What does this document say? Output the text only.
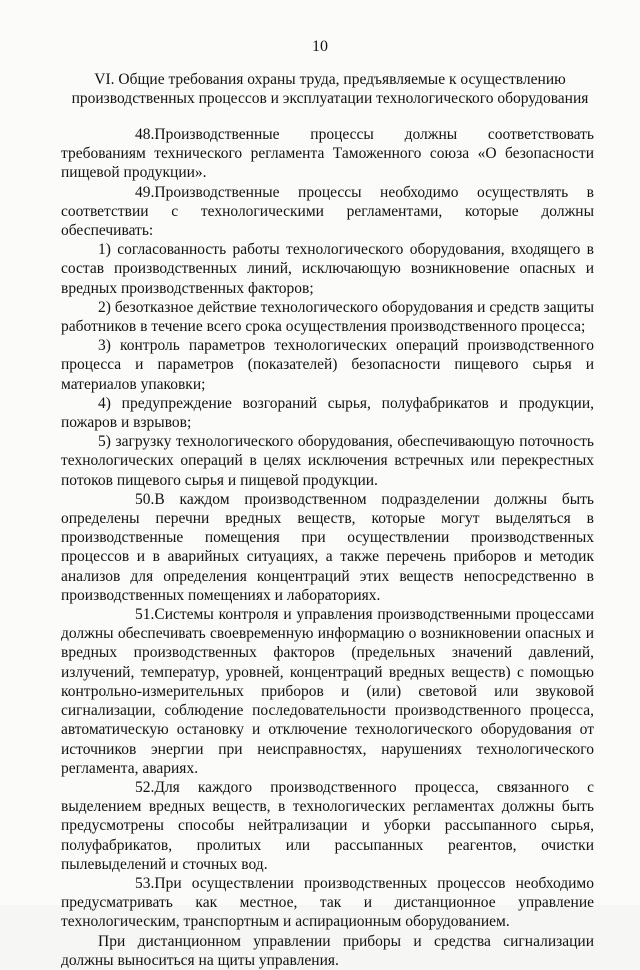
10
VI. Общие требования охраны труда, предъявляемые к осуществлению производственных процессов и эксплуатации технологического оборудования

48.Производственные процессы должны соответствовать требованиям технического регламента Таможенного союза «О безопасности пищевой продукции».

49.Производственные процессы необходимо осуществлять в соответствии с технологическими регламентами, которые должны обеспечивать:

1) согласованность работы технологического оборудования, входящего в состав производственных линий, исключающую возникновение опасных и вредных производственных факторов;

2) безотказное действие технологического оборудования и средств защиты работников в течение всего срока осуществления производственного процесса;

3) контроль параметров технологических операций производственного процесса и параметров (показателей) безопасности пищевого сырья и материалов упаковки;

4) предупреждение возгораний сырья, полуфабрикатов и продукции, пожаров и взрывов;

5) загрузку технологического оборудования, обеспечивающую поточность технологических операций в целях исключения встречных или перекрестных потоков пищевого сырья и пищевой продукции.

50.В каждом производственном подразделении должны быть определены перечни вредных веществ, которые могут выделяться в производственные помещения при осуществлении производственных процессов и в аварийных ситуациях, а также перечень приборов и методик анализов для определения концентраций этих веществ непосредственно в производственных помещениях и лабораториях.

51.Системы контроля и управления производственными процессами должны обеспечивать своевременную информацию о возникновении опасных и вредных производственных факторов (предельных значений давлений, излучений, температур, уровней, концентраций вредных веществ) с помощью контрольно-измерительных приборов и (или) световой или звуковой сигнализации, соблюдение последовательности производственного процесса, автоматическую остановку и отключение технологического оборудования от источников энергии при неисправностях, нарушениях технологического регламента, авариях.

52.Для каждого производственного процесса, связанного с выделением вредных веществ, в технологических регламентах должны быть предусмотрены способы нейтрализации и уборки рассыпанного сырья, полуфабрикатов, пролитых или рассыпанных реагентов, очистки пылевыделений и сточных вод.

53.При осуществлении производственных процессов необходимо предусматривать как местное, так и дистанционное управление технологическим, транспортным и аспирационным оборудованием.

При дистанционном управлении приборы и средства сигнализации должны выноситься на щиты управления.
